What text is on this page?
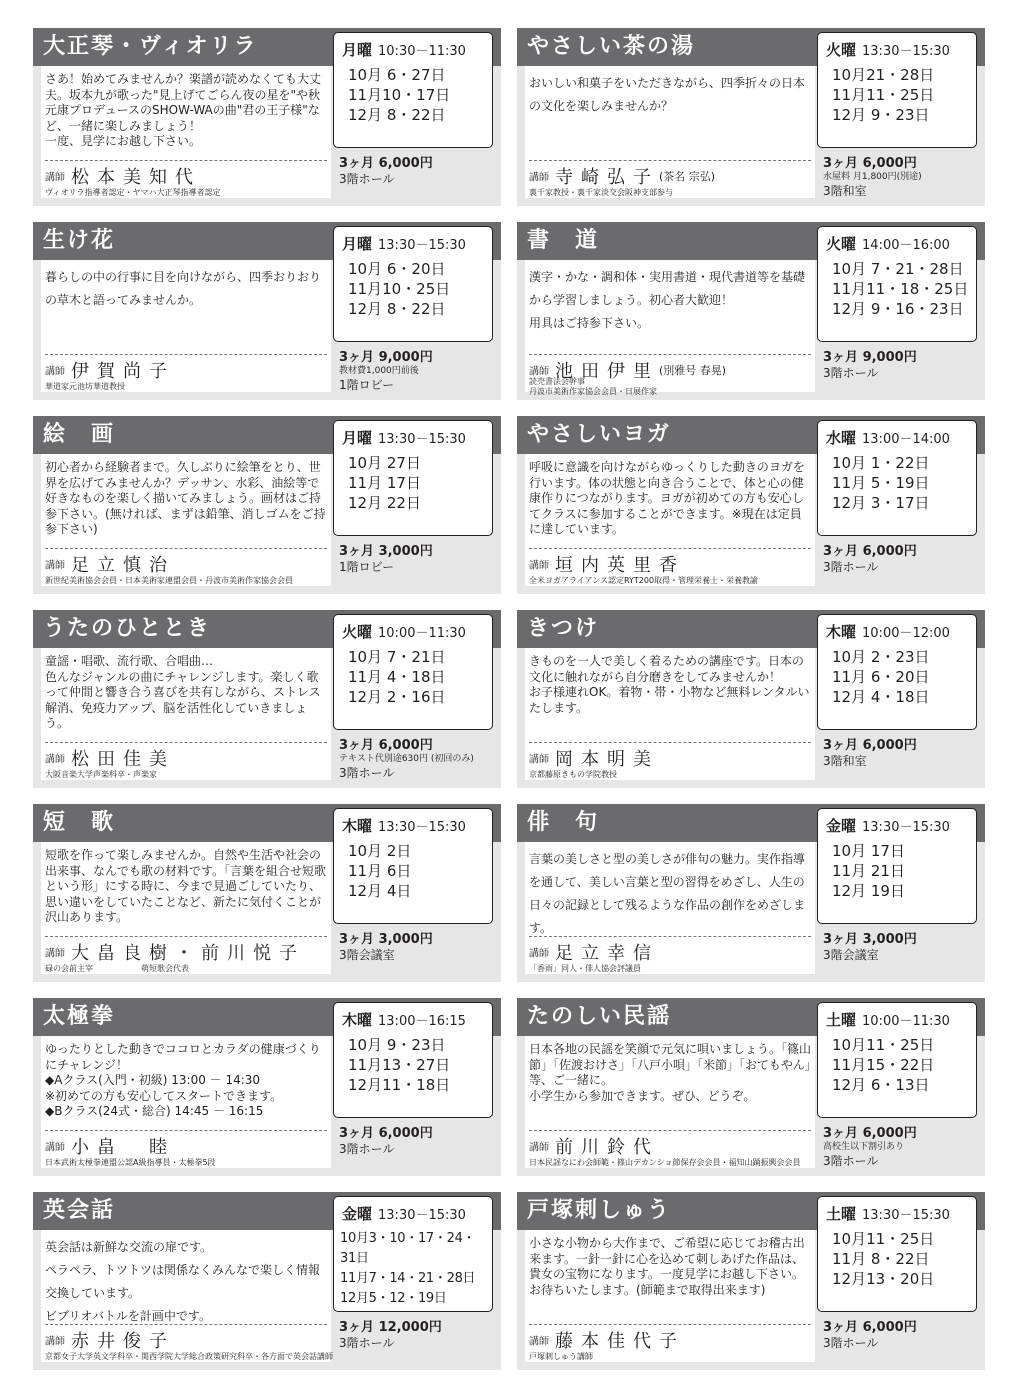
大正琴・ヴィオリラ
さあ！始めてみませんか？楽譜が読めなくても大丈夫。坂本九が歌った"見上げてごらん夜の星を"や秋元康プロデュースのSHOW-WAの曲"君の王子様"など、一緒に楽しみましょう！
一度、見学にお越し下さい。
講師 松本美知代
ヴィオリラ指導者認定・ヤマハ大正琴指導者認定
月曜 10:30－11:30
10月 6・27日
11月10・17日
12月 8・22日
3ヶ月 6,000円
3階ホール
やさしい茶の湯
おいしい和菓子をいただきながら、四季折々の日本の文化を楽しみませんか？
講師 寺崎弘子(茶名 宗弘)
裏千家教授・裏千家淡交会阪神支部参与
火曜 13:30－15:30
10月21・28日
11月11・25日
12月 9・23日
3ヶ月 6,000円
水屋料 月1,800円(別途)
3階和室
生け花
暮らしの中の行事に目を向けながら、四季おりおりの草木と語ってみませんか。
講師 伊賀尚子
華道家元池坊華道教授
月曜 13:30－15:30
10月 6・20日
11月10・25日
12月 8・22日
3ヶ月 9,000円
教材費1,000円前後
1階ロビー
書　道
漢字・かな・調和体・実用書道・現代書道等を基礎から学習しましょう。初心者大歓迎！
用具はご持参下さい。
講師 池田伊里(別雅号 春晃)
読売書法会幹事
丹波市美術作家協会会員・日展作家
火曜 14:00－16:00
10月 7・21・28日
11月11・18・25日
12月 9・16・23日
3ヶ月 9,000円
3階ホール
絵　画
初心者から経験者まで。久しぶりに絵筆をとり、世界を広げてみませんか？デッサン、水彩、油絵等で好きなものを楽しく描いてみましょう。画材はご持参下さい。(無ければ、まずは鉛筆、消しゴムをご持参下さい)
講師 足立慎治
新世紀美術協会会員・日本美術家連盟会員・丹波市美術作家協会会員
月曜 13:30－15:30
10月 27日
11月 17日
12月 22日
3ヶ月 3,000円
1階ロビー
やさしいヨガ
呼吸に意識を向けながらゆっくりした動きのヨガを行います。体の状態と向き合うことで、体と心の健康作りにつながります。ヨガが初めての方も安心してクラスに参加することができます。※現在は定員に達しています。
講師 垣内英里香
全米ヨガアライアンス認定RYT200取得・管理栄養士・栄養教諭
水曜 13:00－14:00
10月 1・22日
11月 5・19日
12月 3・17日
3ヶ月 6,000円
3階ホール
うたのひととき
童謡・唱歌、流行歌、合唱曲…
色んなジャンルの曲にチャレンジします。楽しく歌って仲間と響き合う喜びを共有しながら、ストレス解消、免疫力アップ、脳を活性化していきましょう。
講師 松田佳美
大阪音楽大学声楽科卒・声楽家
火曜 10:00－11:30
10月 7・21日
11月 4・18日
12月 2・16日
3ヶ月 6,000円
テキスト代別途630円 (初回のみ)
3階ホール
きつけ
きものを一人で美しく着るための講座です。日本の文化に触れながら自分磨きをしてみませんか！
お子様連れOK。着物・帯・小物など無料レンタルいたします。
講師 岡本明美
京都藤原きもの学院教授
木曜 10:00－12:00
10月 2・23日
11月 6・20日
12月 4・18日
3ヶ月 6,000円
3階和室
短　歌
短歌を作って楽しみませんか。自然や生活や社会の出来事、なんでも歌の材料です。「言葉を組合せ短歌という形」にする時に、今まで見過ごしていたり、思い違いをしていたことなど、新たに気付くことが沢山あります。
講師 大畠良樹・前川悦子
碌の会前主宰　　　　　　萌短歌会代表
木曜 13:30－15:30
10月 2日
11月 6日
12月 4日
3ヶ月 3,000円
3階会議室
俳　句
言葉の美しさと型の美しさが俳句の魅力。実作指導を通して、美しい言葉と型の習得をめざし、人生の日々の記録として残るような作品の創作をめざします。
講師 足立幸信
「香雨」同人・俳人協会評議員
金曜 13:30－15:30
10月 17日
11月 21日
12月 19日
3ヶ月 3,000円
3階会議室
太極拳
ゆったりとした動きでココロとカラダの健康づくりにチャレンジ！
◆Aクラス(入門・初級) 13:00 － 14:30
※初めての方も安心してスタートできます。
◆Bクラス(24式・総合) 14:45 － 16:15
講師 小畠　睦
日本武術太極拳連盟公認A級指導員・太極拳5段
木曜 13:00－16:15
10月 9・23日
11月13・27日
12月11・18日
3ヶ月 6,000円
3階ホール
たのしい民謡
日本各地の民謡を笑顔で元気に唄いましょう。「篠山節」「佐渡おけさ」「八戸小唄」「米節」「おてもやん」等、ご一緒に。
小学生から参加できます。ぜひ、どうぞ。
講師 前川鈴代
日本民謡なにわ会師範・篠山デカンショ節保存会会員・福知山踊振興会会員
土曜 10:00－11:30
10月11・25日
11月15・22日
12月 6・13日
3ヶ月 6,000円
高校生以下割引あり
3階ホール
英会話
英会話は新鮮な交流の扉です。
ペラペラ、トツトツは関係なくみんなで楽しく情報交換しています。
ビブリオバトルを計画中です。
講師 赤井俊子
京都女子大学英文学科卒・関西学院大学総合政策研究科卒・各方面で英会話講師
金曜 13:30－15:30
10月3・10・17・24・31日
11月7・14・21・28日
12月5・12・19日
3ヶ月 12,000円
3階ホール
戸塚刺しゅう
小さな小物から大作まで、ご希望に応じてお稽古出来ます。一針一針に心を込めて刺しあげた作品は、貴女の宝物になります。一度見学にお越し下さい。お待ちいたします。(師範まで取得出来ます)
講師 藤本佳代子
戸塚刺しゅう講師
土曜 13:30－15:30
10月11・25日
11月 8・22日
12月13・20日
3ヶ月 6,000円
3階ホール
